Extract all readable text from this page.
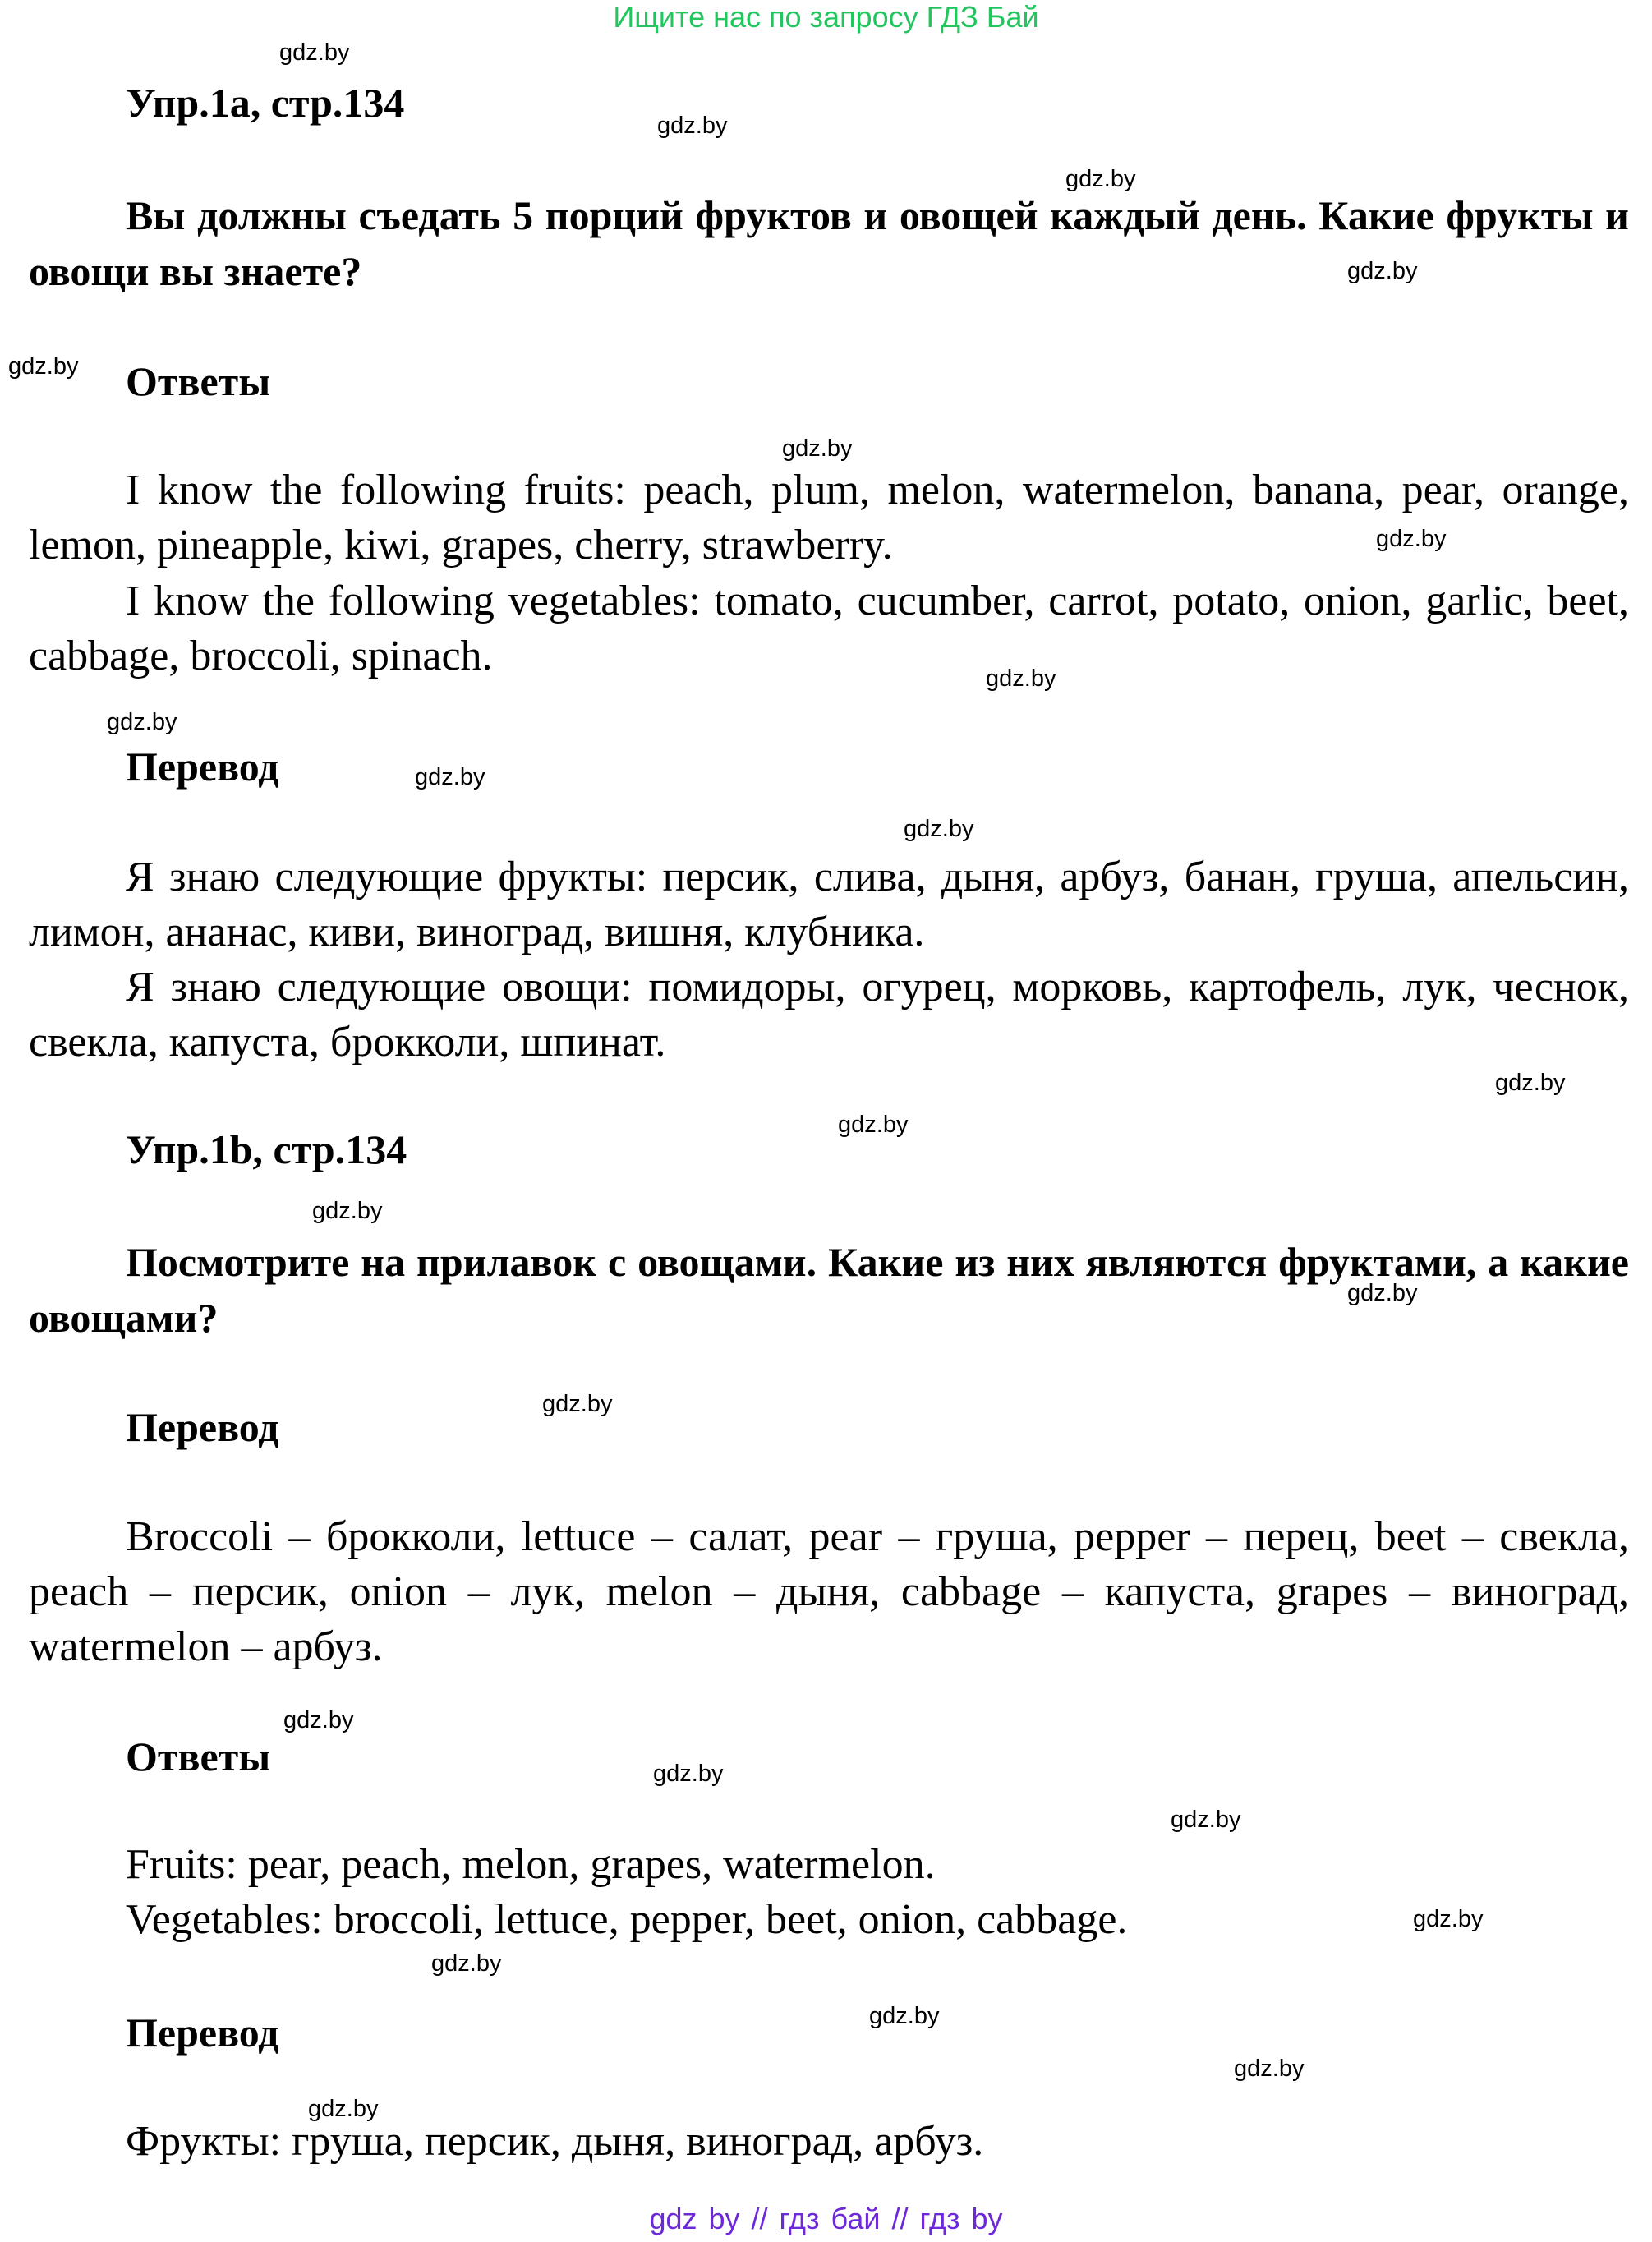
Ищите нас по запросу ГДЗ Бай
Упр.1a, стр.134
Вы должны съедать 5 порций фруктов и овощей каждый день. Какие фрукты и овощи вы знаете?
Ответы
I know the following fruits: peach, plum, melon, watermelon, banana, pear, orange, lemon, pineapple, kiwi, grapes, cherry, strawberry.
I know the following vegetables: tomato, cucumber, carrot, potato, onion, garlic, beet, cabbage, broccoli, spinach.
Перевод
Я знаю следующие фрукты: персик, слива, дыня, арбуз, банан, груша, апельсин, лимон, ананас, киви, виноград, вишня, клубника.
Я знаю следующие овощи: помидоры, огурец, морковь, картофель, лук, чеснок, свекла, капуста, брокколи, шпинат.
Упр.1b, стр.134
Посмотрите на прилавок с овощами. Какие из них являются фруктами, а какие овощами?
Перевод
Broccoli – брокколи, lettuce – салат, pear – груша, pepper – перец, beet – свекла, peach – персик, onion – лук, melon – дыня, cabbage – капуста, grapes – виноград, watermelon – арбуз.
Ответы
Fruits: pear, peach, melon, grapes, watermelon.
Vegetables: broccoli, lettuce, pepper, beet, onion, cabbage.
Перевод
Фрукты: груша, персик, дыня, виноград, арбуз.
gdz.by
gdz.by
gdz.by
gdz.by
gdz.by
gdz.by
gdz.by
gdz.by
gdz.by
gdz.by
gdz.by
gdz.by
gdz.by
gdz.by
gdz.by
gdz.by
gdz.by
gdz.by
gdz.by
gdz.by
gdz.by
gdz.by
gdz.by
gdz.by
gdz by // гдз бай // гдз by
